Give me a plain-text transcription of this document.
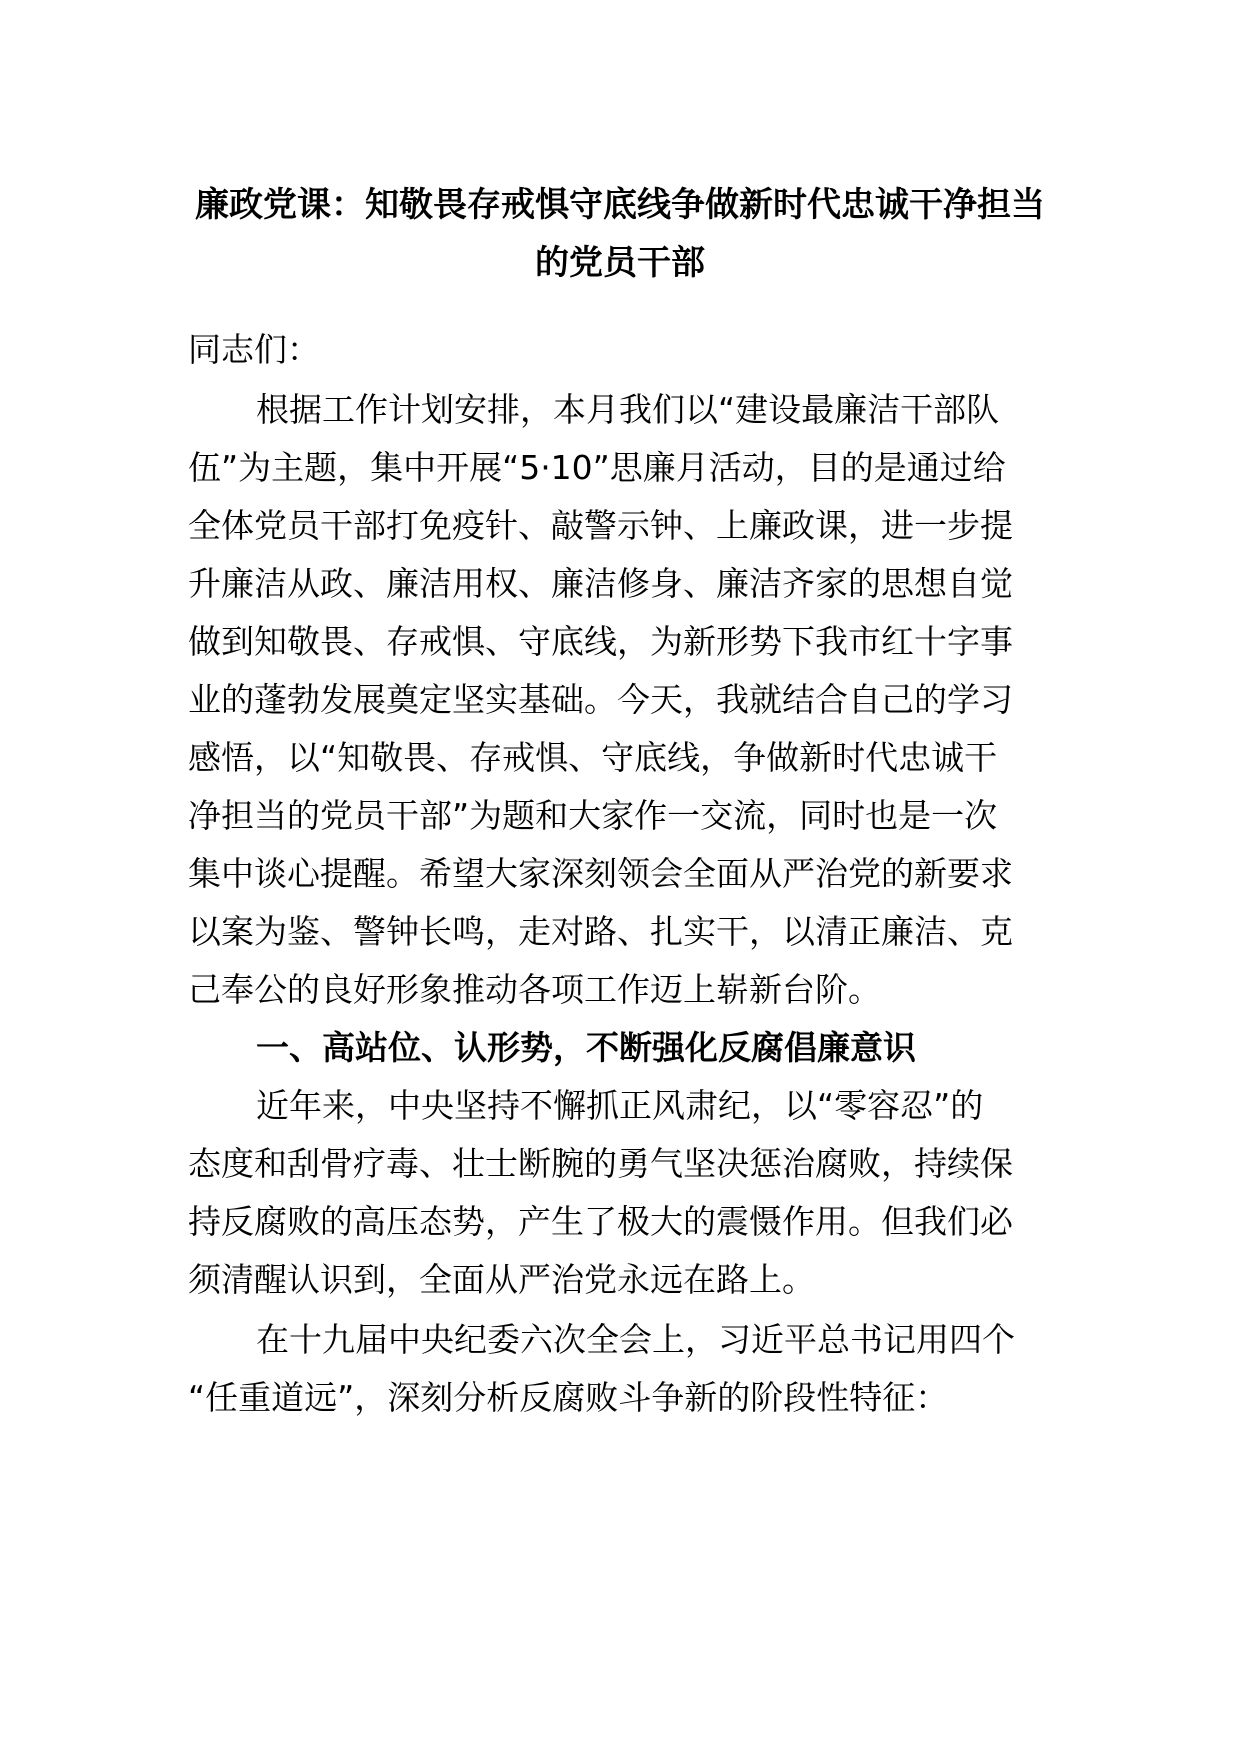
廉政党课：知敬畏存戒惧守底线争做新时代忠诚干净担当
的党员干部
同志们：
根据工作计划安排，本月我们以“建设最廉洁干部队
伍”为主题，集中开展“5·10”思廉月活动，目的是通过给
全体党员干部打免疫针、敲警示钟、上廉政课，进一步提
升廉洁从政、廉洁用权、廉洁修身、廉洁齐家的思想自觉
做到知敬畏、存戒惧、守底线，为新形势下我市红十字事
业的蓬勃发展奠定坚实基础。今天，我就结合自己的学习
感悟，以“知敬畏、存戒惧、守底线，争做新时代忠诚干
净担当的党员干部”为题和大家作一交流，同时也是一次
集中谈心提醒。希望大家深刻领会全面从严治党的新要求
以案为鉴、警钟长鸣，走对路、扎实干，以清正廉洁、克
己奉公的良好形象推动各项工作迈上崭新台阶。
一、高站位、认形势，不断强化反腐倡廉意识
近年来，中央坚持不懈抓正风肃纪，以“零容忍”的
态度和刮骨疗毒、壮士断腕的勇气坚决惩治腐败，持续保
持反腐败的高压态势，产生了极大的震慑作用。但我们必
须清醒认识到，全面从严治党永远在路上。
在十九届中央纪委六次全会上，习近平总书记用四个
“任重道远”，深刻分析反腐败斗争新的阶段性特征：
